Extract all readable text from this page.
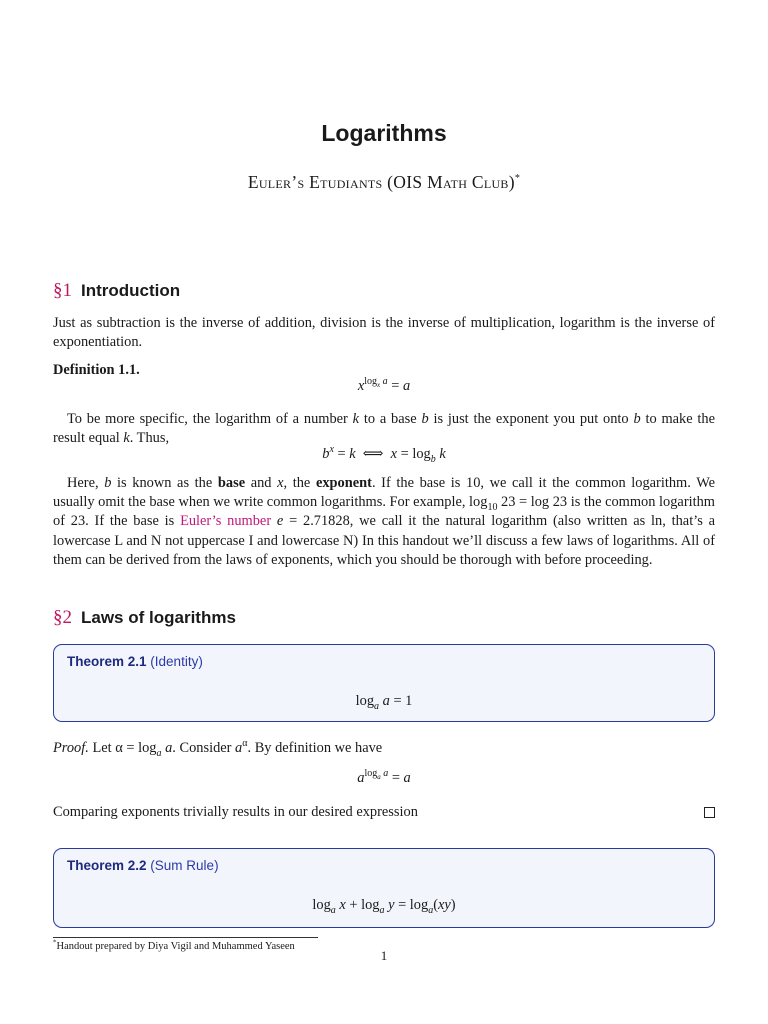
Logarithms
Euler’s Etudiants (OIS Math Club)*
§1 Introduction
Just as subtraction is the inverse of addition, division is the inverse of multiplication, logarithm is the inverse of exponentiation.
Definition 1.1.
$x^{log_x a} = a$
To be more specific, the logarithm of a number k to a base b is just the exponent you put onto b to make the result equal k. Thus,
$b^x = k$  ⟺  $x = \log_b k$
Here, b is known as the base and x, the exponent. If the base is 10, we call it the common logarithm. We usually omit the base when we write common logarithms. For example, $\log_{10} 23 = \log 23$ is the common logarithm of 23. If the base is Euler’s number e = 2.71828, we call it the natural logarithm (also written as ln, that’s a lowercase L and N not uppercase I and lowercase N) In this handout we’ll discuss a few laws of logarithms. All of them can be derived from the laws of exponents, which you should be thorough with before proceeding.
§2 Laws of logarithms
Theorem 2.1 (Identity)
$\log_a a = 1$
Proof. Let $\alpha = \log_a a$. Consider $a^\alpha$. By definition we have
$a^{log_a a} = a$
Comparing exponents trivially results in our desired expression
Theorem 2.2 (Sum Rule)
$\log_a x + \log_a y = \log_a(xy)$
*Handout prepared by Diya Vigil and Muhammed Yaseen
1
